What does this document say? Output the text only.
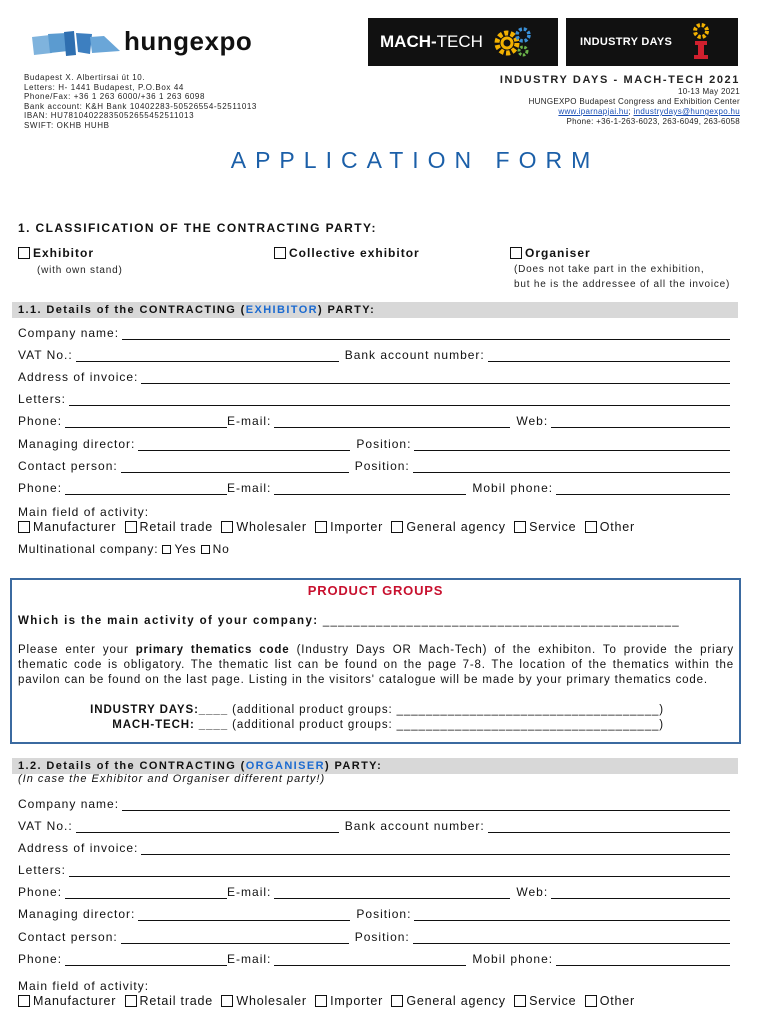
hungexpo	MACH- TECH	INDUSTRY DAYS
Budapest X. Albertirsai út 10.
Letters: H- 1441 Budapest, P.O.Box 44
Phone/Fax: +36 1 263 6000/+36 1 263 6098
Bank account: K&H Bank 10402283-50526554-52511013
IBAN: HU78104022835052655452511013
SWIFT: OKHB HUHB
INDUSTRY DAYS - MACH-TECH 2021
10-13 May 2021
HUNGEXPO Budapest Congress and Exhibition Center
www.iparnapjai.hu; industrydays@hungexpo.hu
Phone: +36-1-263-6023, 263-6049, 263-6058
APPLICATION FORM
1. CLASSIFICATION OF THE CONTRACTING PARTY:
Exhibitor
(with own stand)
Collective exhibitor	Organiser
(Does not take part in the exhibition,
but he is the addressee of all the invoice)
1.1. Details of the CONTRACTING (EXHIBITOR) PARTY:
Company name:
VAT No.:	Bank account number:
Address of invoice:
Letters:
Phone:	E-mail:	Web:
Managing director:	Position:
Contact person:	Position:
Phone:	E-mail:	Mobil phone:
Main field of activity:
Manufacturer Retail trade Wholesaler Importer General agency Service Other
Multinational company: Yes No
PRODUCT GROUPS
Which is the main activity of your company: _______________________________________________
Please enter your primary thematics code (Industry Days OR Mach-Tech) of the exhibiton. To provide the priary thematic code is obligatory. The thematic list can be found on the page 7-8. The location of the thematics within the pavilon can be found on the last page. Listing in the visitors' catalogue will be made by your primary thematics code.
INDUSTRY DAYS:____ (additional product groups: ____________________________________)
MACH-TECH: ____ (additional product groups: ____________________________________)
1.2. Details of the CONTRACTING (ORGANISER) PARTY:
(In case the Exhibitor and Organiser different party!)
Company name:
VAT No.:	Bank account number:
Address of invoice:
Letters:
Phone:	E-mail:	Web:
Managing director:	Position:
Contact person:	Position:
Phone:	E-mail:	Mobil phone:
Main field of activity:
Manufacturer Retail trade Wholesaler Importer General agency Service Other
